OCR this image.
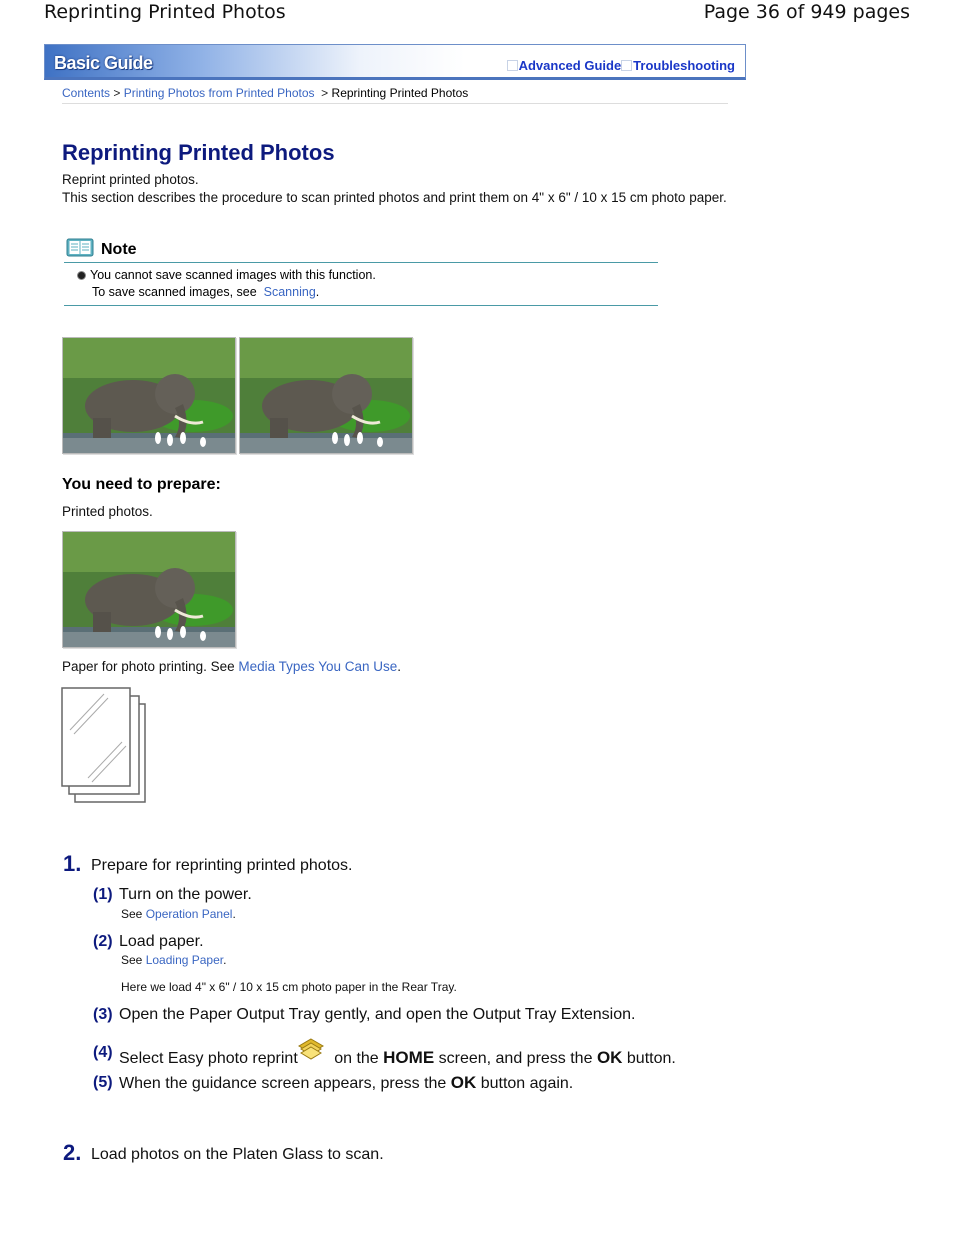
Reprinting Printed Photos	Page 36 of 949 pages
Basic Guide	Advanced Guide Troubleshooting
Contents > Printing Photos from Printed Photos > Reprinting Printed Photos
Reprinting Printed Photos
Reprint printed photos.
This section describes the procedure to scan printed photos and print them on 4" x 6" / 10 x 15 cm photo paper.
Note
You cannot save scanned images with this function.
To save scanned images, see Scanning.
You need to prepare:
Printed photos.
Paper for photo printing. See Media Types You Can Use.
1. Prepare for reprinting printed photos.
(1) Turn on the power.
See Operation Panel.
(2) Load paper.
See Loading Paper.
Here we load 4" x 6" / 10 x 15 cm photo paper in the Rear Tray.
(3) Open the Paper Output Tray gently, and open the Output Tray Extension.
(4) Select Easy photo reprint on the HOME screen, and press the OK button.
(5) When the guidance screen appears, press the OK button again.
2. Load photos on the Platen Glass to scan.
